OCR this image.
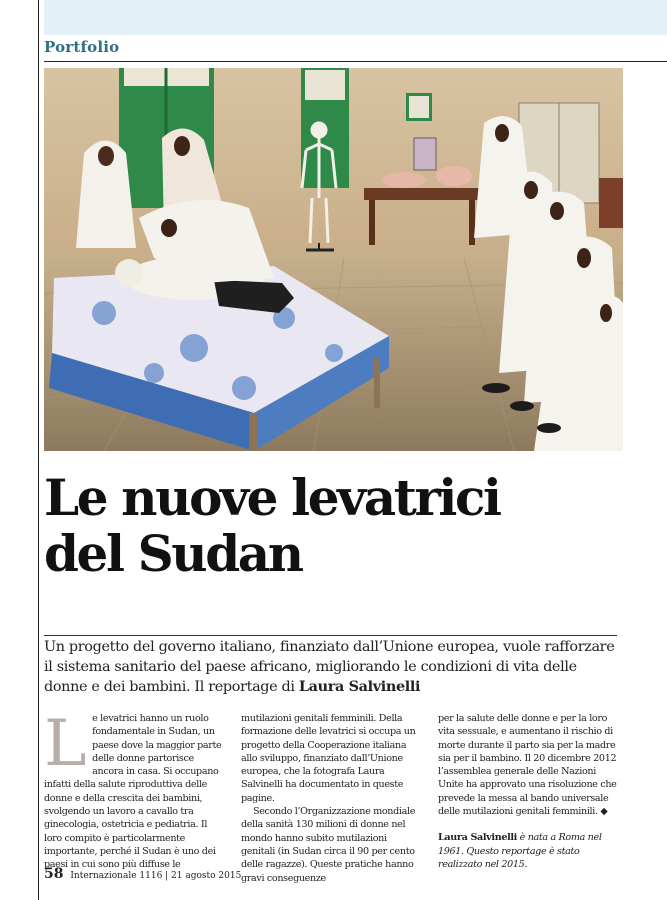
Portfolio
Le nuove levatrici
del Sudan

Un progetto del governo italiano, finanziato dall’Unione europea, vuole rafforzare il sistema sanitario del paese africano, migliorando le condizioni di vita delle donne e dei bambini. Il reportage di Laura Salvinelli

L e levatrici hanno un ruolo fondamentale in Sudan, un paese dove la maggior parte delle donne partorisce ancora in casa. Si occupano infatti della salute riproduttiva delle donne e della crescita dei bambini, svolgendo un lavoro a cavallo tra ginecologia, ostetricia e pediatria. Il loro compito è particolarmente importante, perché il Sudan è uno dei paesi in cui sono più diffuse le

mutilazioni genitali femminili. Della formazione delle levatrici si occupa un progetto della Cooperazione italiana allo sviluppo, finanziato dall’Unione europea, che la fotografa Laura Salvinelli ha documentato in queste pagine.

Secondo l’Organizzazione mondiale della sanità 130 milioni di donne nel mondo hanno subito mutilazioni genitali (in Sudan circa il 90 per cento delle ragazze). Queste pratiche hanno gravi conseguenze

per la salute delle donne e per la loro vita sessuale, e aumentano il rischio di morte durante il parto sia per la madre sia per il bambino. Il 20 dicembre 2012 l’assemblea generale delle Nazioni Unite ha approvato una risoluzione che prevede la messa al bando universale delle mutilazioni genitali femminili. ◆

Laura Salvinelli è nata a Roma nel 1961. Questo reportage è stato realizzato nel 2015.

58 Internazionale 1116 | 21 agosto 2015
